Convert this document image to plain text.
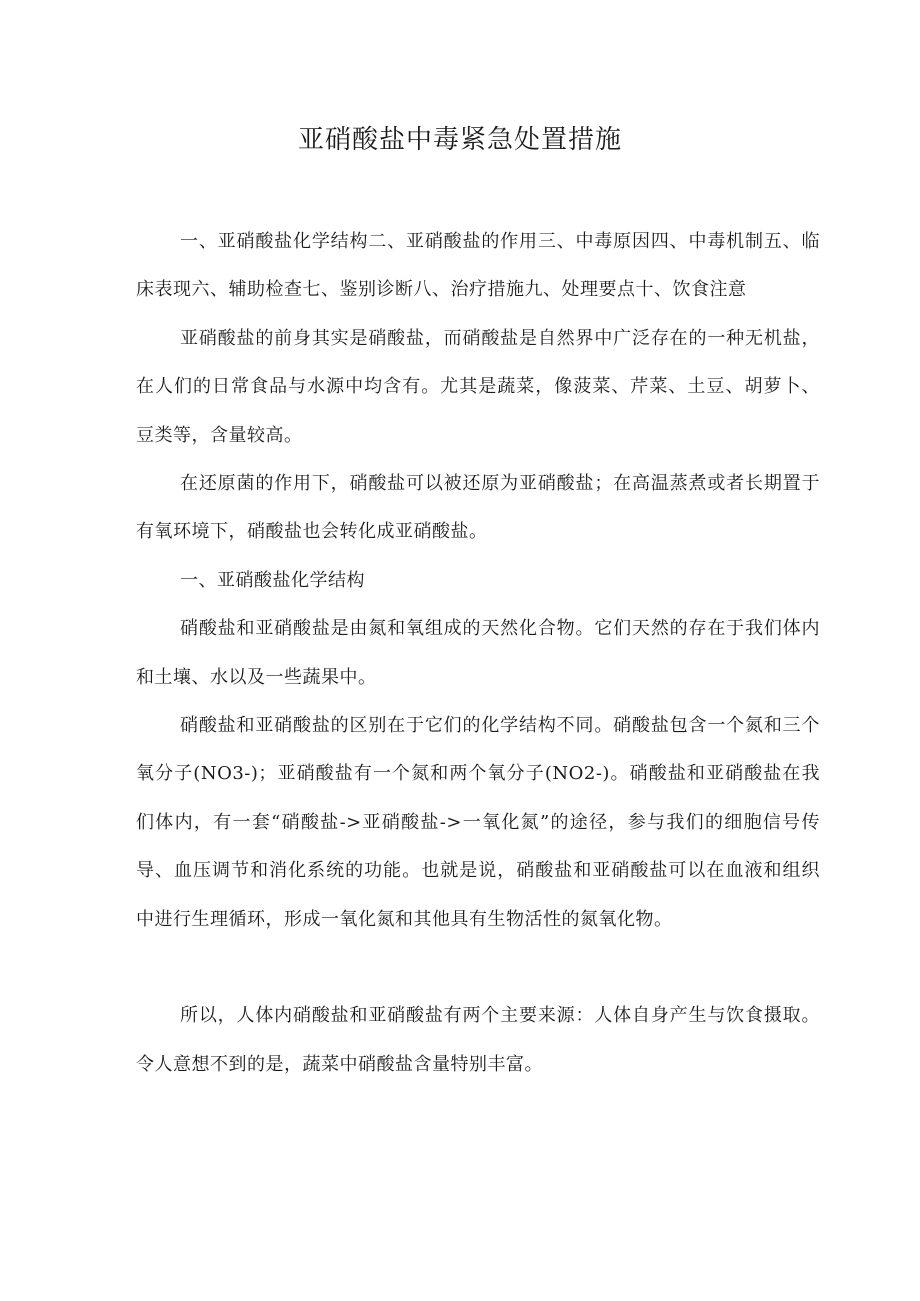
亚硝酸盐中毒紧急处置措施

一、亚硝酸盐化学结构二、亚硝酸盐的作用三、中毒原因四、中毒机制五、临床表现六、辅助检查七、鉴别诊断八、治疗措施九、处理要点十、饮食注意

亚硝酸盐的前身其实是硝酸盐，而硝酸盐是自然界中广泛存在的一种无机盐，在人们的日常食品与水源中均含有。尤其是蔬菜，像菠菜、芹菜、土豆、胡萝卜、豆类等，含量较高。

在还原菌的作用下，硝酸盐可以被还原为亚硝酸盐；在高温蒸煮或者长期置于有氧环境下，硝酸盐也会转化成亚硝酸盐。

一、亚硝酸盐化学结构

硝酸盐和亚硝酸盐是由氮和氧组成的天然化合物。它们天然的存在于我们体内和土壤、水以及一些蔬果中。

硝酸盐和亚硝酸盐的区别在于它们的化学结构不同。硝酸盐包含一个氮和三个氧分子(NO3-)；亚硝酸盐有一个氮和两个氧分子(NO2-)。硝酸盐和亚硝酸盐在我们体内，有一套“硝酸盐->亚硝酸盐->一氧化氮”的途径，参与我们的细胞信号传导、血压调节和消化系统的功能。也就是说，硝酸盐和亚硝酸盐可以在血液和组织中进行生理循环，形成一氧化氮和其他具有生物活性的氮氧化物。

所以，人体内硝酸盐和亚硝酸盐有两个主要来源：人体自身产生与饮食摄取。令人意想不到的是，蔬菜中硝酸盐含量特别丰富。
